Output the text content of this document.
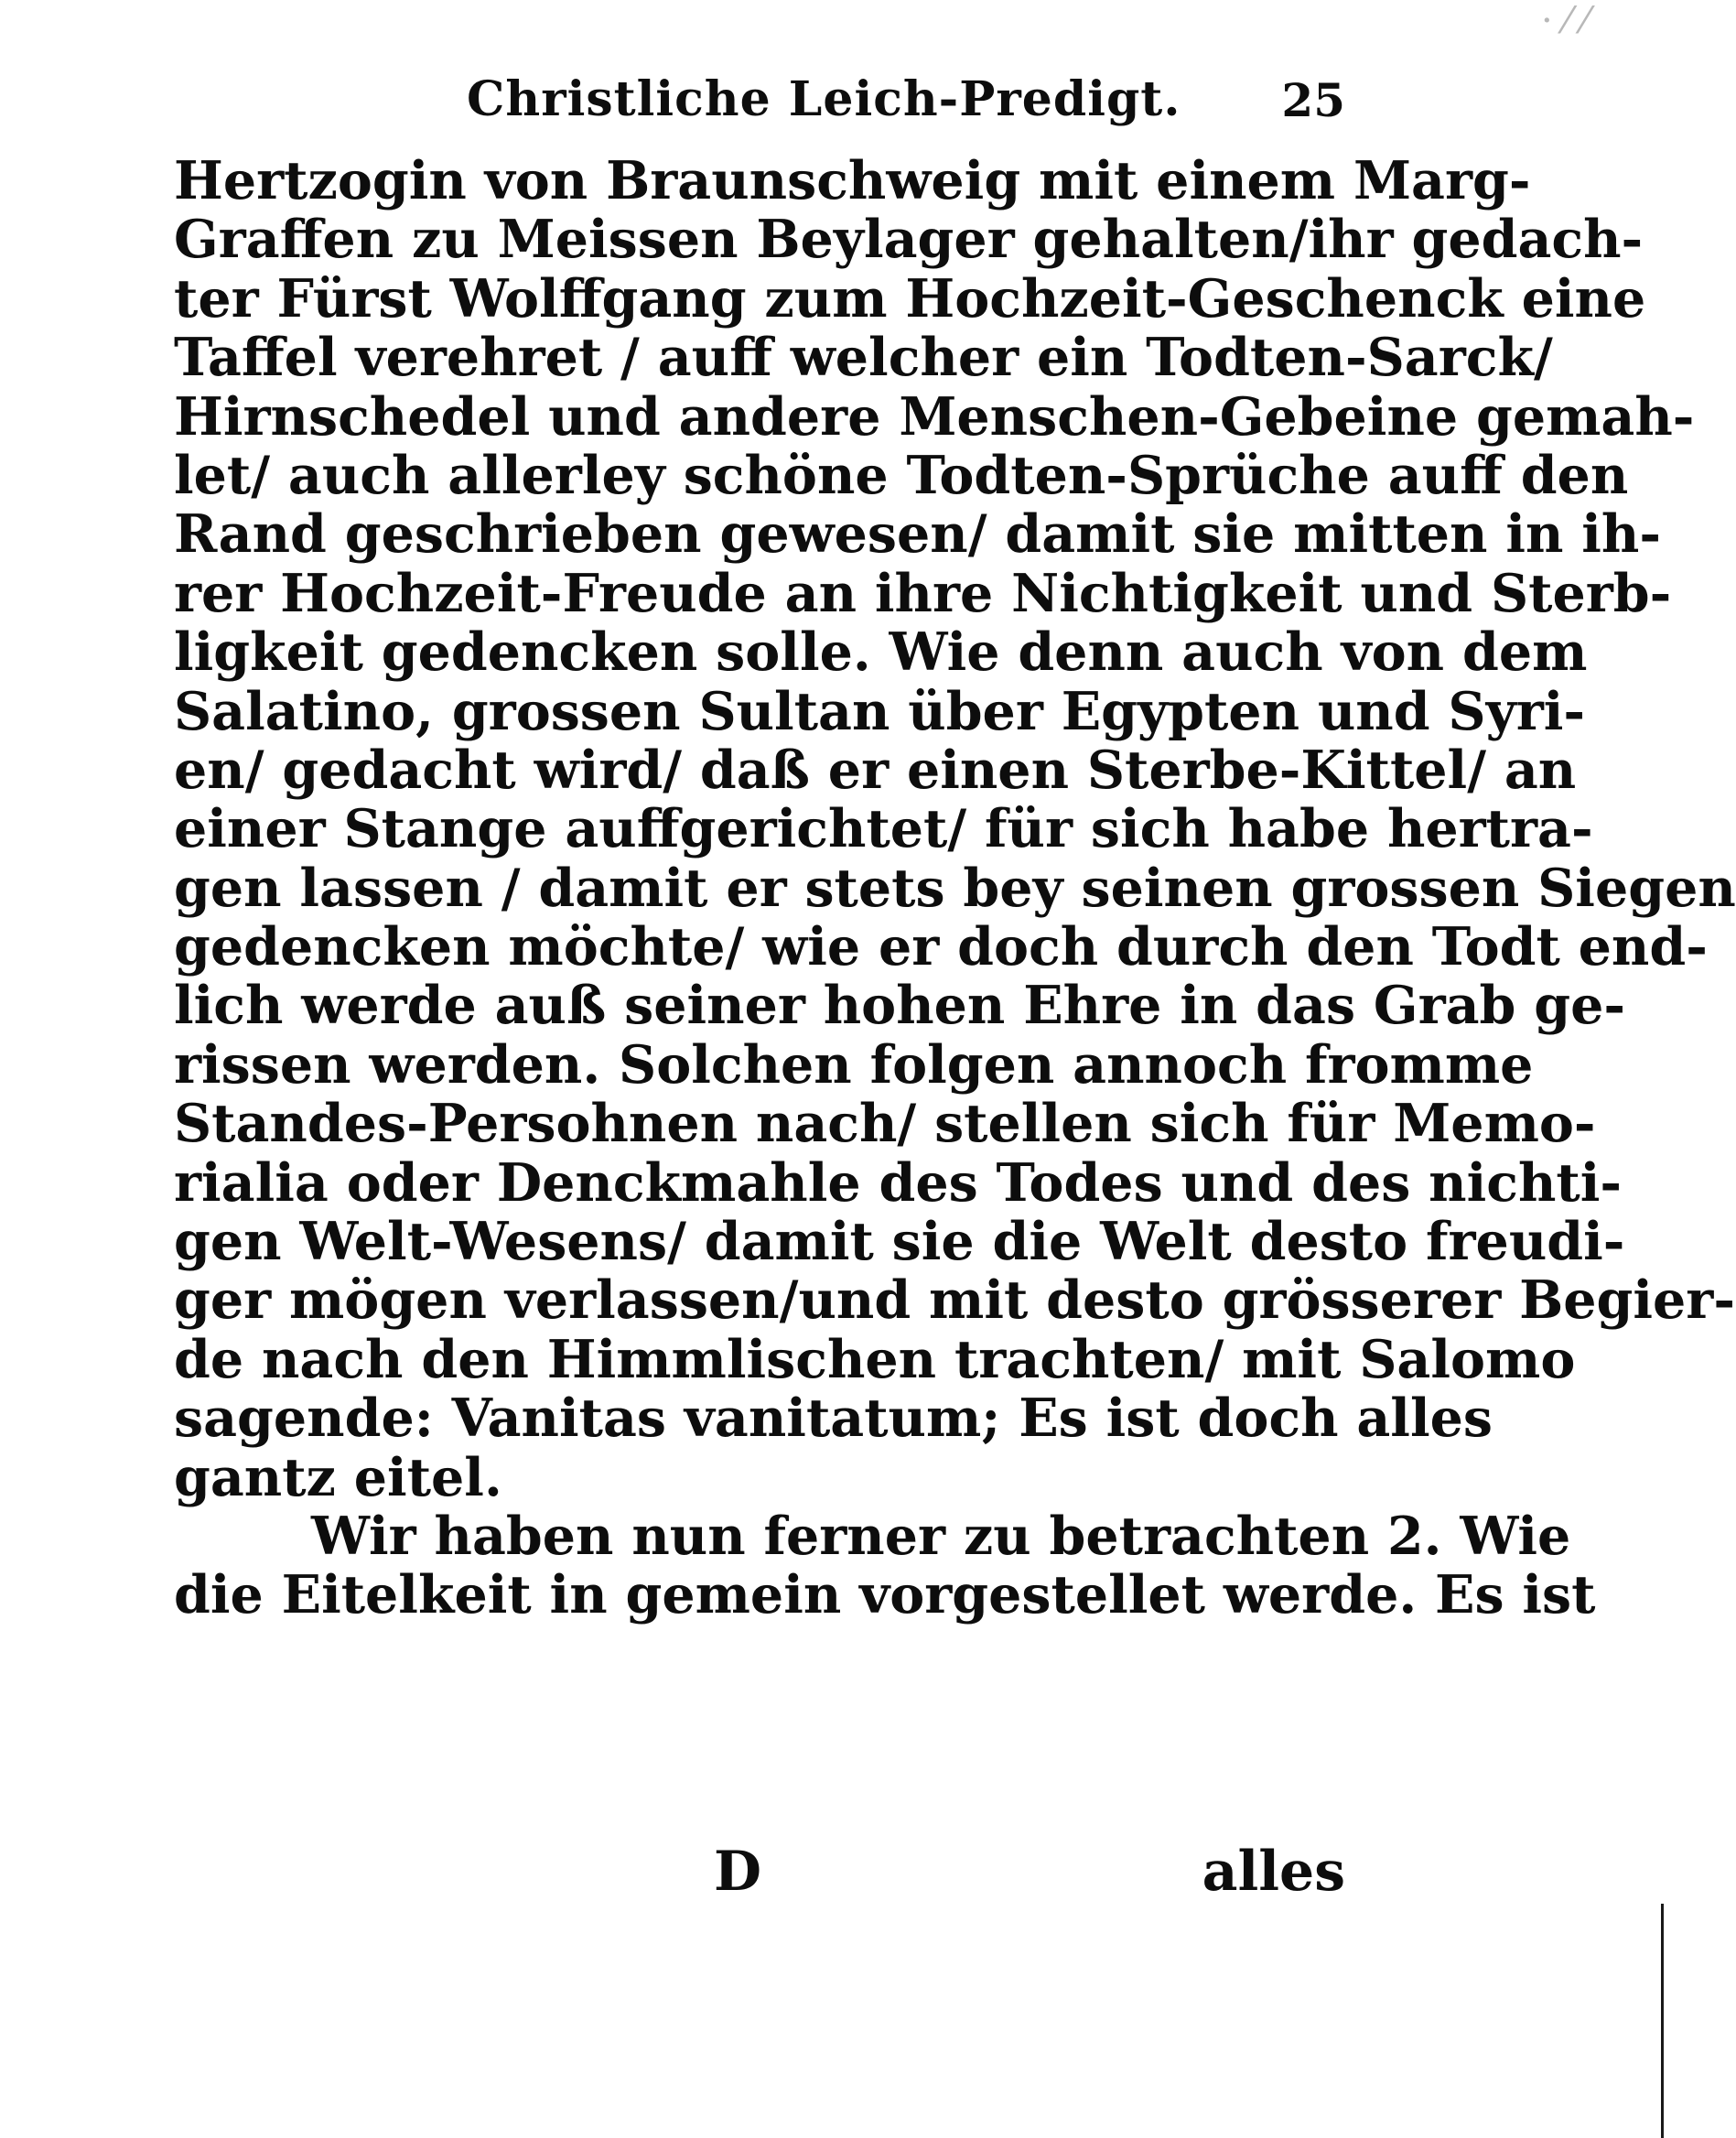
· ⁄ ⁄
Christliche Leich-Predigt. 25
Hertzogin von Braunschweig mit einem Marg-
Graffen zu Meissen Beylager gehalten/ihr gedach-
ter Fürst Wolffgang zum Hochzeit-Geschenck eine
Taffel verehret / auff welcher ein Todten-Sarck/
Hirnschedel und andere Menschen-Gebeine gemah-
let/ auch allerley schöne Todten-Sprüche auff den
Rand geschrieben gewesen/ damit sie mitten in ih-
rer Hochzeit-Freude an ihre Nichtigkeit und Sterb-
ligkeit gedencken solle. Wie denn auch von dem
Salatino, grossen Sultan über Egypten und Syri-
en/ gedacht wird/ daß er einen Sterbe-Kittel/ an
einer Stange auffgerichtet/ für sich habe hertra-
gen lassen / damit er stets bey seinen grossen Siegen
gedencken möchte/ wie er doch durch den Todt end-
lich werde auß seiner hohen Ehre in das Grab ge-
rissen werden. Solchen folgen annoch fromme
Standes-Persohnen nach/ stellen sich für Memo-
rialia oder Denckmahle des Todes und des nichti-
gen Welt-Wesens/ damit sie die Welt desto freudi-
ger mögen verlassen/und mit desto grösserer Begier-
de nach den Himmlischen trachten/ mit Salomo
sagende: Vanitas vanitatum; Es ist doch alles
gantz eitel.
Wir haben nun ferner zu betrachten 2. Wie
die Eitelkeit in gemein vorgestellet werde. Es ist
D	alles
